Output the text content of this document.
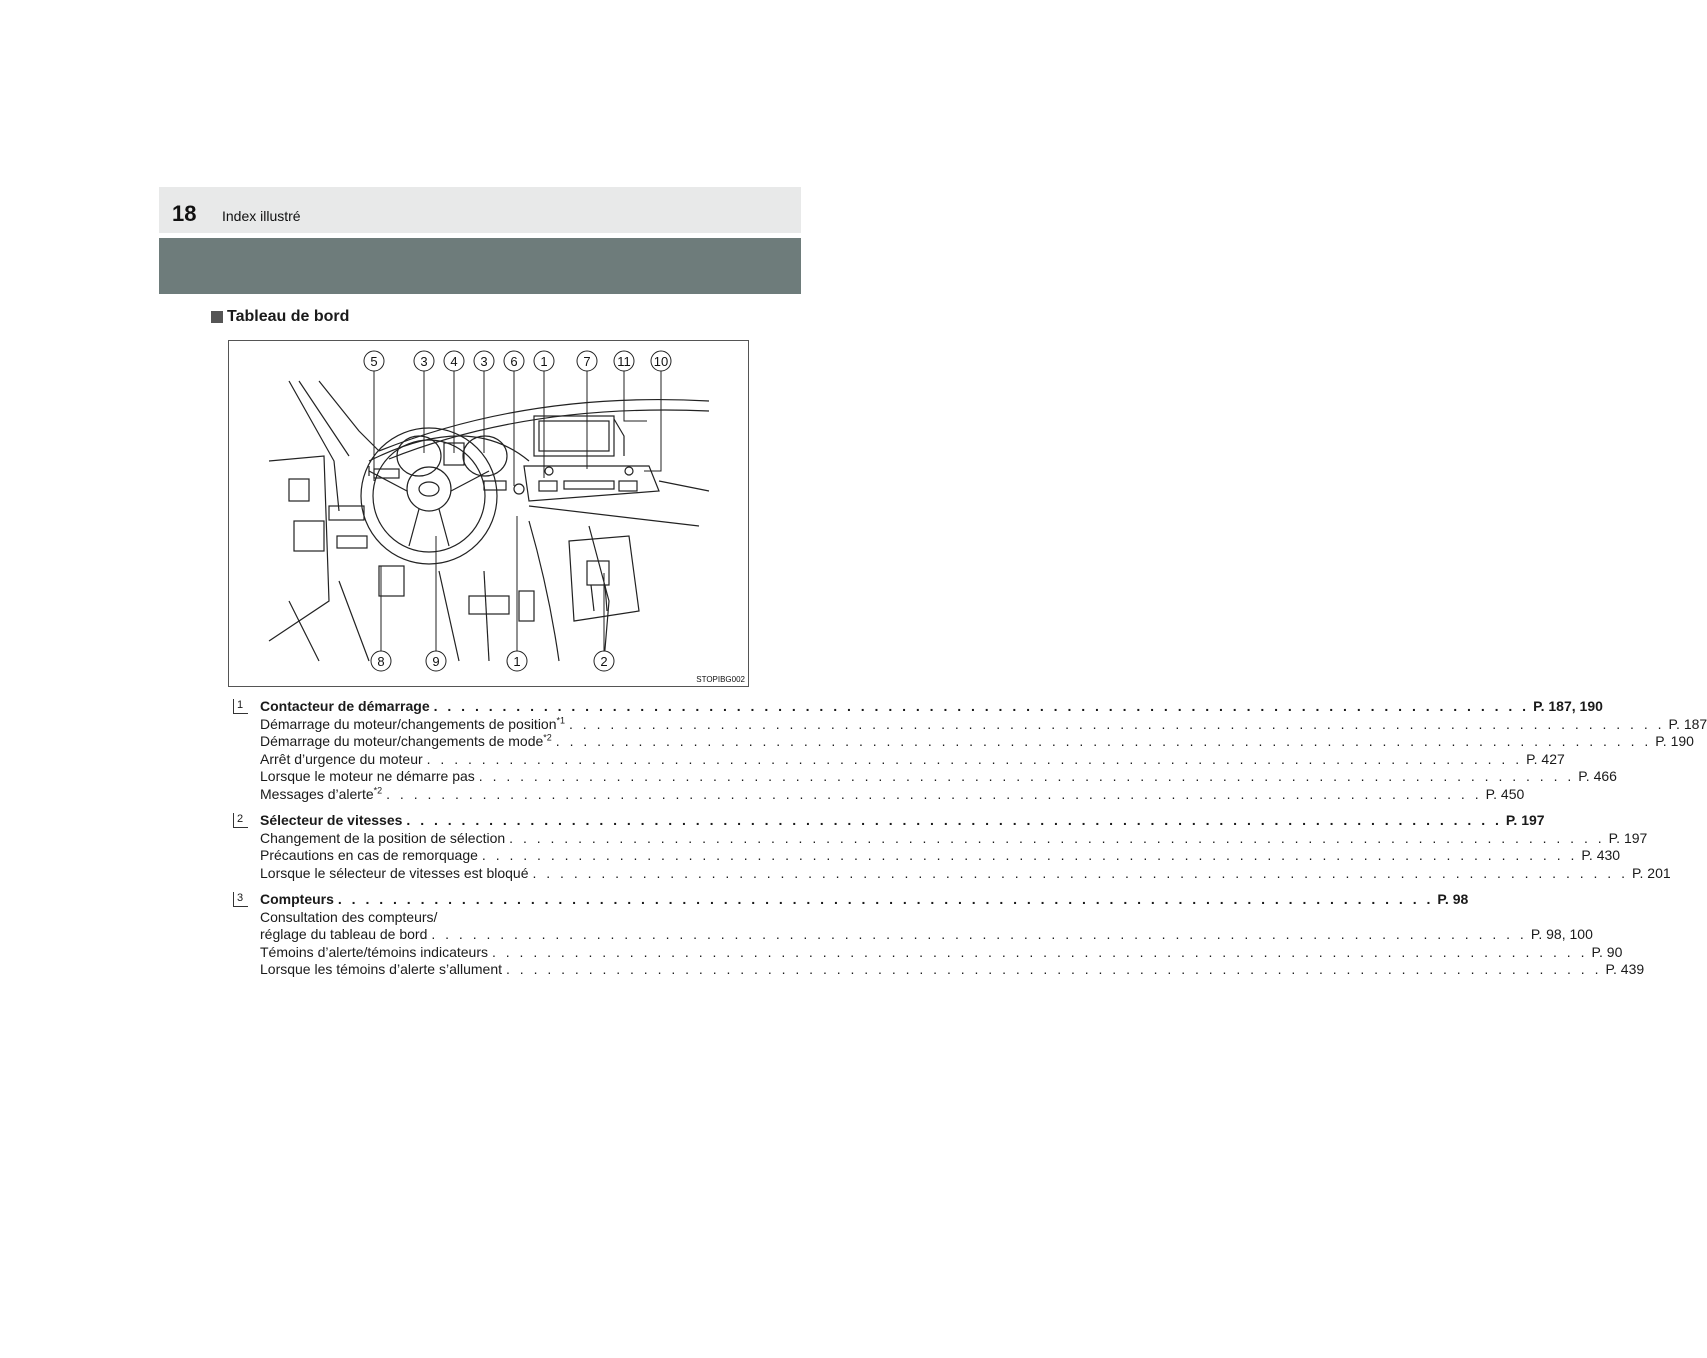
18 Index illustré
Tableau de bord
5	3 4 3 6 1	7 11 10
8	9	1	2
STOPIBG002
1	Contacteur de démarrage . . . . . . . . . . . . . . . . . . . . . . . . . . . . . . . . . . . . . . . . . . . . . . . . . . . . . . . . . . . . . . . . . . . . . . . . . . . . . . . . P. 187, 190
Démarrage du moteur/changements de position$^{*1}$ . . . . . . . . . . . . . . . . . . . . . . . . . . . . . . . . . . . . . . . . . . . . . . . . . . . . . . . . . . . . . . . . . . . . . . . . . . . . . . . . P. 187
Démarrage du moteur/changements de mode$^{*2}$ . . . . . . . . . . . . . . . . . . . . . . . . . . . . . . . . . . . . . . . . . . . . . . . . . . . . . . . . . . . . . . . . . . . . . . . . . . . . . . . . P. 190
Arrêt d’urgence du moteur . . . . . . . . . . . . . . . . . . . . . . . . . . . . . . . . . . . . . . . . . . . . . . . . . . . . . . . . . . . . . . . . . . . . . . . . . . . . . . . . P. 427
Lorsque le moteur ne démarre pas . . . . . . . . . . . . . . . . . . . . . . . . . . . . . . . . . . . . . . . . . . . . . . . . . . . . . . . . . . . . . . . . . . . . . . . . . . . . . . . . P. 466
Messages d’alerte$^{*2}$ . . . . . . . . . . . . . . . . . . . . . . . . . . . . . . . . . . . . . . . . . . . . . . . . . . . . . . . . . . . . . . . . . . . . . . . . . . . . . . . . P. 450
2	Sélecteur de vitesses . . . . . . . . . . . . . . . . . . . . . . . . . . . . . . . . . . . . . . . . . . . . . . . . . . . . . . . . . . . . . . . . . . . . . . . . . . . . . . . . P. 197
Changement de la position de sélection . . . . . . . . . . . . . . . . . . . . . . . . . . . . . . . . . . . . . . . . . . . . . . . . . . . . . . . . . . . . . . . . . . . . . . . . . . . . . . . . P. 197
Précautions en cas de remorquage . . . . . . . . . . . . . . . . . . . . . . . . . . . . . . . . . . . . . . . . . . . . . . . . . . . . . . . . . . . . . . . . . . . . . . . . . . . . . . . . P. 430
Lorsque le sélecteur de vitesses est bloqué . . . . . . . . . . . . . . . . . . . . . . . . . . . . . . . . . . . . . . . . . . . . . . . . . . . . . . . . . . . . . . . . . . . . . . . . . . . . . . . . P. 201
3	Compteurs . . . . . . . . . . . . . . . . . . . . . . . . . . . . . . . . . . . . . . . . . . . . . . . . . . . . . . . . . . . . . . . . . . . . . . . . . . . . . . . . P. 98
Consultation des compteurs/
réglage du tableau de bord . . . . . . . . . . . . . . . . . . . . . . . . . . . . . . . . . . . . . . . . . . . . . . . . . . . . . . . . . . . . . . . . . . . . . . . . . . . . . . . . P. 98, 100
Témoins d’alerte/témoins indicateurs . . . . . . . . . . . . . . . . . . . . . . . . . . . . . . . . . . . . . . . . . . . . . . . . . . . . . . . . . . . . . . . . . . . . . . . . . . . . . . . . P. 90
Lorsque les témoins d’alerte s’allument . . . . . . . . . . . . . . . . . . . . . . . . . . . . . . . . . . . . . . . . . . . . . . . . . . . . . . . . . . . . . . . . . . . . . . . . . . . . . . . . P. 439
